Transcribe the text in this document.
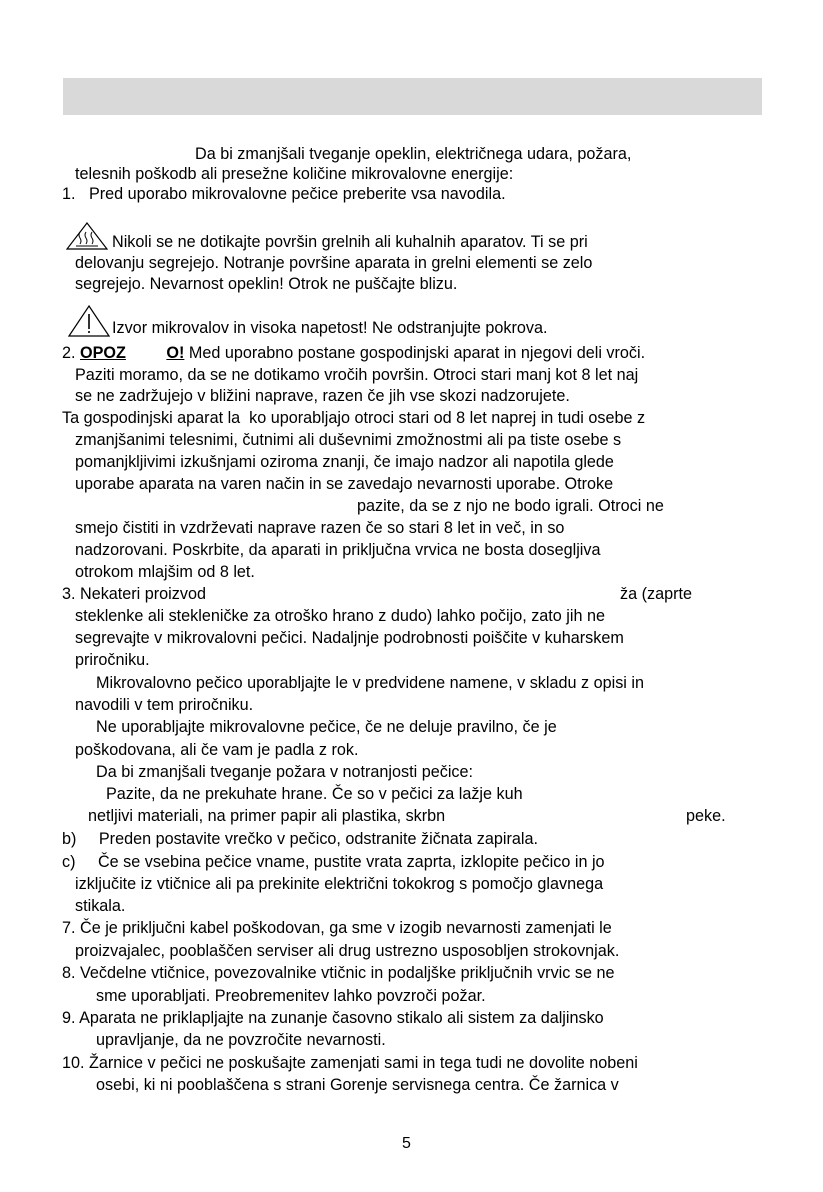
Da bi zmanjšali tveganje opeklin, električnega udara, požara,
telesnih poškodb ali presežne količine mikrovalovne energije:
1.   Pred uporabo mikrovalovne pečice preberite vsa navodila.
Nikoli se ne dotikajte površin grelnih ali kuhalnih aparatov. Ti se pri
delovanju segrejejo. Notranje površine aparata in grelni elementi se zelo
segrejejo. Nevarnost opeklin! Otrok ne puščajte blizu.
Izvor mikrovalov in visoka napetost! Ne odstranjujte pokrova.
2. OPOZ O! Med uporabno postane gospodinjski aparat in njegovi deli vroči.
Paziti moramo, da se ne dotikamo vročih površin. Otroci stari manj kot 8 let naj
se ne zadržujejo v bližini naprave, razen če jih vse skozi nadzorujete.
Ta gospodinjski aparat la  ko uporabljajo otroci stari od 8 let naprej in tudi osebe z
zmanjšanimi telesnimi, čutnimi ali duševnimi zmožnostmi ali pa tiste osebe s
pomanjkljivimi izkušnjami oziroma znanji, če imajo nadzor ali napotila glede
uporabe aparata na varen način in se zavedajo nevarnosti uporabe. Otroke
pazite, da se z njo ne bodo igrali. Otroci ne
smejo čistiti in vzdrževati naprave razen če so stari 8 let in več, in so
nadzorovani. Poskrbite, da aparati in priključna vrvica ne bosta dosegljiva
otrokom mlajšim od 8 let.
3. Nekateri proizvod	ža (zaprte
steklenke ali stekleničke za otroško hrano z dudo) lahko počijo, zato jih ne
segrevajte v mikrovalovni pečici. Nadaljnje podrobnosti poiščite v kuharskem
priročniku.
Mikrovalovno pečico uporabljajte le v predvidene namene, v skladu z opisi in
navodili v tem priročniku.
Ne uporabljajte mikrovalovne pečice, če ne deluje pravilno, če je
poškodovana, ali če vam je padla z rok.
Da bi zmanjšali tveganje požara v notranjosti pečice:
Pazite, da ne prekuhate hrane. Če so v pečici za lažje kuh
netljivi materiali, na primer papir ali plastika, skrbn	peke.
b)     Preden postavite vrečko v pečico, odstranite žičnata zapirala.
c)     Če se vsebina pečice vname, pustite vrata zaprta, izklopite pečico in jo
izključite iz vtičnice ali pa prekinite električni tokokrog s pomočjo glavnega
stikala.
7. Če je priključni kabel poškodovan, ga sme v izogib nevarnosti zamenjati le
proizvajalec, pooblaščen serviser ali drug ustrezno usposobljen strokovnjak.
8. Večdelne vtičnice, povezovalnike vtičnic in podaljške priključnih vrvic se ne
sme uporabljati. Preobremenitev lahko povzroči požar.
9. Aparata ne priklapljajte na zunanje časovno stikalo ali sistem za daljinsko
upravljanje, da ne povzročite nevarnosti.
10. Žarnice v pečici ne poskušajte zamenjati sami in tega tudi ne dovolite nobeni
osebi, ki ni pooblaščena s strani Gorenje servisnega centra. Če žarnica v
5
